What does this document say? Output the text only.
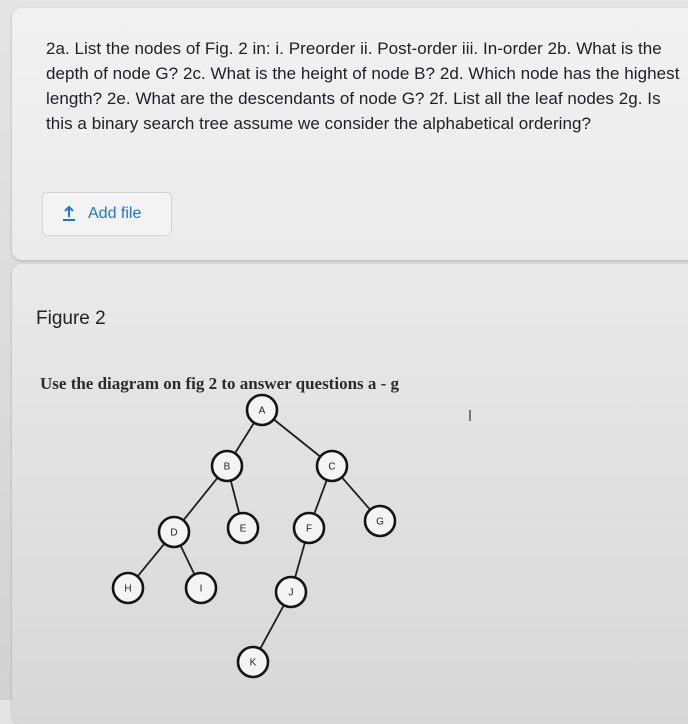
2a. List the nodes of Fig. 2 in: i. Preorder ii. Post-order iii. In-order 2b. What is the depth of node G? 2c. What is the height of node B? 2d. Which node has the highest length? 2e. What are the descendants of node G? 2f. List all the leaf nodes 2g. Is this a binary search tree assume we consider the alphabetical ordering?

Add file
Figure 2

Use the diagram on fig 2 to answer questions a - g

A
B	C
D	E	F
G
H	I	J
K
